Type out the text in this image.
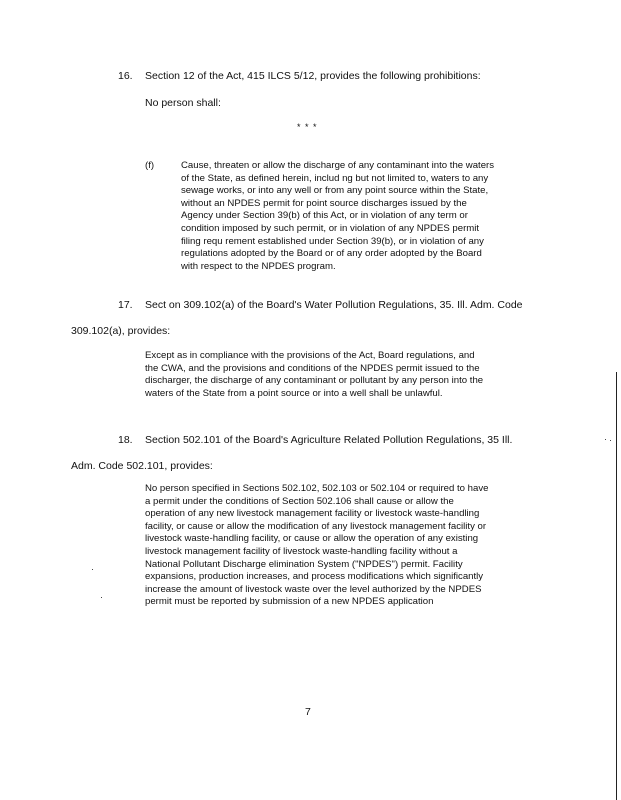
16. Section 12 of the Act, 415 ILCS 5/12, provides the following prohibitions:
No person shall:
* * *
(f)	Cause, threaten or allow the discharge of any contaminant into the waters
of the State, as defined herein, includ ng but not limited to, waters to any
sewage works, or into any well or from any point source within the State,
without an NPDES permit for point source discharges issued by the
Agency under Section 39(b) of this Act, or in violation of any term or
condition imposed by such permit, or in violation of any NPDES permit
filing requ rement established under Section 39(b), or in violation of any
regulations adopted by the Board or of any order adopted by the Board
with respect to the NPDES program.
17. Sect on 309.102(a) of the Board's Water Pollution Regulations, 35. Ill. Adm. Code
309.102(a), provides:
Except as in compliance with the provisions of the Act, Board regulations, and
the CWA, and the provisions and conditions of the NPDES permit issued to the
discharger, the discharge of any contaminant or pollutant by any person into the
waters of the State from a point source or into a well shall be unlawful.
18. Section 502.101 of the Board's Agriculture Related Pollution Regulations, 35 Ill.
Adm. Code 502.101, provides:
No person specified in Sections 502.102, 502.103 or 502.104 or required to have
a permit under the conditions of Section 502.106 shall cause or allow the
operation of any new livestock management facility or livestock waste-handling
facility, or cause or allow the modification of any livestock management facility or
livestock waste-handling facility, or cause or allow the operation of any existing
livestock management facility of livestock waste-handling facility without a
National Pollutant Discharge elimination System ("NPDES") permit. Facility
expansions, production increases, and process modifications which significantly
increase the amount of livestock waste over the level authorized by the NPDES
permit must be reported by submission of a new NPDES application
7
